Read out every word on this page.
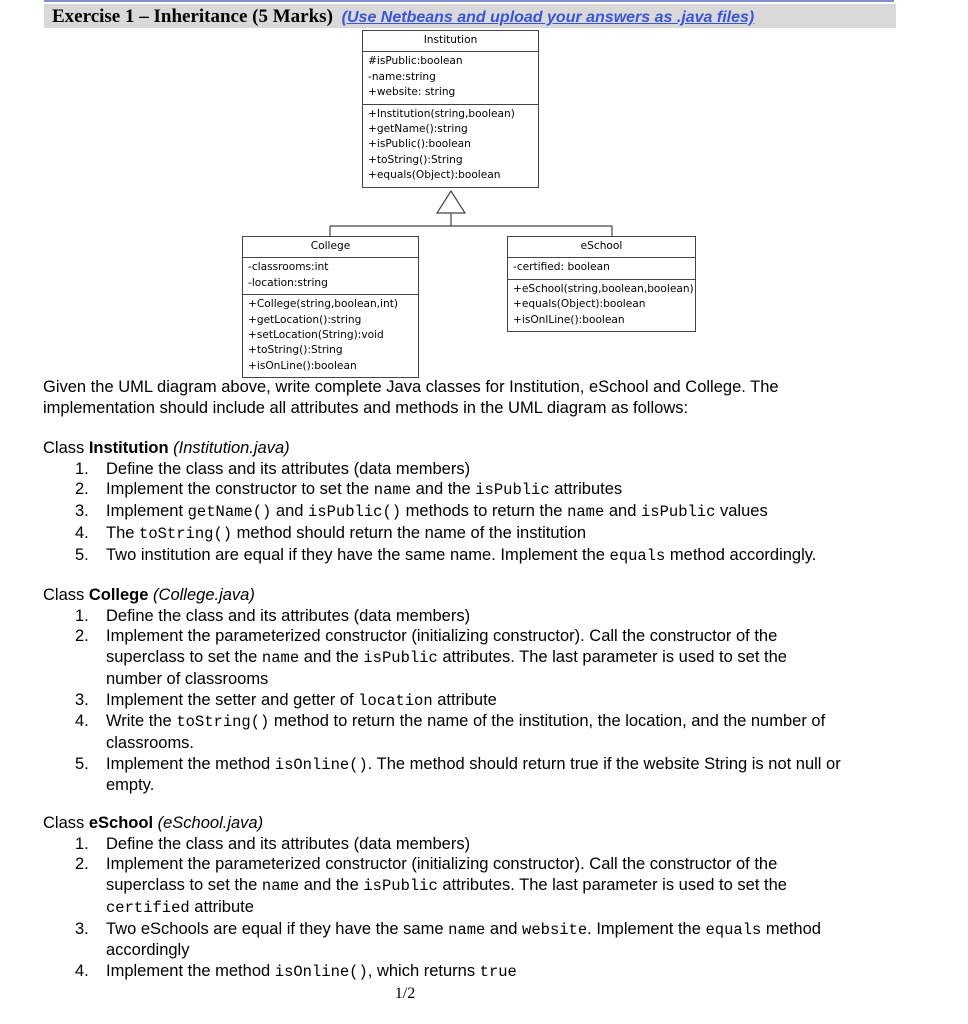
Exercise 1 – Inheritance (5 Marks) (Use Netbeans and upload your answers as .java files)
Institution
#isPublic:boolean
-name:string
+website: string
+Institution(string,boolean)
+getName():string
+isPublic():boolean
+toString():String
+equals(Object):boolean
College
-classrooms:int
-location:string
+College(string,boolean,int)
+getLocation():string
+setLocation(String):void
+toString():String
+isOnLine():boolean
eSchool
-certified: boolean
+eSchool(string,boolean,boolean)
+equals(Object):boolean
+isOnlLine():boolean

Given the UML diagram above, write complete Java classes for Institution, eSchool and College. The

implementation should include all attributes and methods in the UML diagram as follows:

Class Institution (Institution.java)

1. Define the class and its attributes (data members)
2. Implement the constructor to set the name and the isPublic attributes
3. Implement getName() and isPublic() methods to return the name and isPublic values
4. The toString() method should return the name of the institution
5. Two institution are equal if they have the same name. Implement the equals method accordingly.

Class College (College.java)

1. Define the class and its attributes (data members)
2. Implement the parameterized constructor (initializing constructor). Call the constructor of the
superclass to set the name and the isPublic attributes. The last parameter is used to set the
number of classrooms
3. Implement the setter and getter of location attribute
4. Write the toString() method to return the name of the institution, the location, and the number of
classrooms.
5. Implement the method isOnline(). The method should return true if the website String is not null or
empty.

Class eSchool (eSchool.java)

1. Define the class and its attributes (data members)
2. Implement the parameterized constructor (initializing constructor). Call the constructor of the
superclass to set the name and the isPublic attributes. The last parameter is used to set the
certified attribute
3. Two eSchools are equal if they have the same name and website. Implement the equals method
accordingly
4. Implement the method isOnline(), which returns true
1/2
